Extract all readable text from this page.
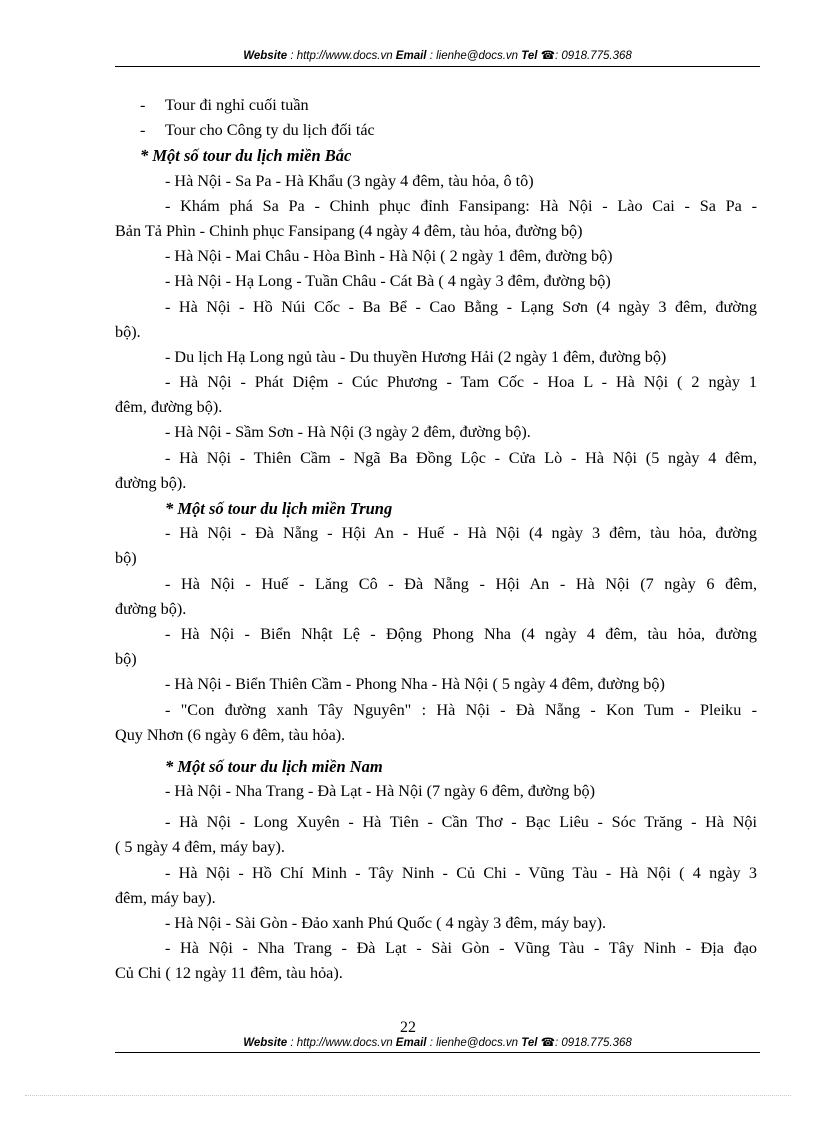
Website : http://www.docs.vn Email : lienhe@docs.vn Tel ☎: 0918.775.368
- Tour đi nghỉ cuối tuần
- Tour cho Công ty du lịch đối tác
* Một số tour du lịch miền Bắc
- Hà Nội - Sa Pa - Hà Khẩu (3 ngày 4 đêm, tàu hỏa, ô tô)
- Khám phá Sa Pa - Chinh phục đỉnh Fansipang: Hà Nội - Lào Cai - Sa Pa -
Bản Tả Phìn - Chinh phục Fansipang (4 ngày 4 đêm, tàu hỏa, đường bộ)
- Hà Nội - Mai Châu - Hòa Bình - Hà Nội ( 2 ngày 1 đêm, đường bộ)
- Hà Nội - Hạ Long - Tuần Châu - Cát Bà ( 4 ngày 3 đêm, đường bộ)
- Hà Nội - Hồ Núi Cốc - Ba Bể - Cao Bằng - Lạng Sơn (4 ngày 3 đêm, đường
bộ).
- Du lịch Hạ Long ngủ tàu - Du thuyền Hương Hải (2 ngày 1 đêm, đường bộ)
- Hà Nội - Phát Diệm - Cúc Phương - Tam Cốc - Hoa L - Hà Nội ( 2 ngày 1
đêm, đường bộ).
- Hà Nội - Sầm Sơn - Hà Nội (3 ngày 2 đêm, đường bộ).
- Hà Nội - Thiên Cầm - Ngã Ba Đồng Lộc - Cửa Lò - Hà Nội (5 ngày 4 đêm,
đường bộ).
* Một số tour du lịch miền Trung
- Hà Nội - Đà Nẵng - Hội An - Huế - Hà Nội (4 ngày 3 đêm, tàu hỏa, đường
bộ)
- Hà Nội - Huế - Lăng Cô - Đà Nẵng - Hội An - Hà Nội (7 ngày 6 đêm,
đường bộ).
- Hà Nội - Biển Nhật Lệ - Động Phong Nha (4 ngày 4 đêm, tàu hỏa, đường
bộ)
- Hà Nội - Biển Thiên Cầm - Phong Nha - Hà Nội ( 5 ngày 4 đêm, đường bộ)
- "Con đường xanh Tây Nguyên" : Hà Nội - Đà Nẵng - Kon Tum - Pleiku -
Quy Nhơn (6 ngày 6 đêm, tàu hỏa).
* Một số tour du lịch miền Nam
- Hà Nội - Nha Trang - Đà Lạt - Hà Nội (7 ngày 6 đêm, đường bộ)
- Hà Nội - Long Xuyên - Hà Tiên - Cần Thơ - Bạc Liêu - Sóc Trăng - Hà Nội
( 5 ngày 4 đêm, máy bay).
- Hà Nội - Hồ Chí Minh - Tây Ninh - Củ Chi - Vũng Tàu - Hà Nội ( 4 ngày 3
đêm, máy bay).
- Hà Nội - Sài Gòn - Đảo xanh Phú Quốc ( 4 ngày 3 đêm, máy bay).
- Hà Nội - Nha Trang - Đà Lạt - Sài Gòn - Vũng Tàu - Tây Ninh - Địa đạo
Củ Chi ( 12 ngày 11 đêm, tàu hỏa).
22
Website : http://www.docs.vn Email : lienhe@docs.vn Tel ☎: 0918.775.368
